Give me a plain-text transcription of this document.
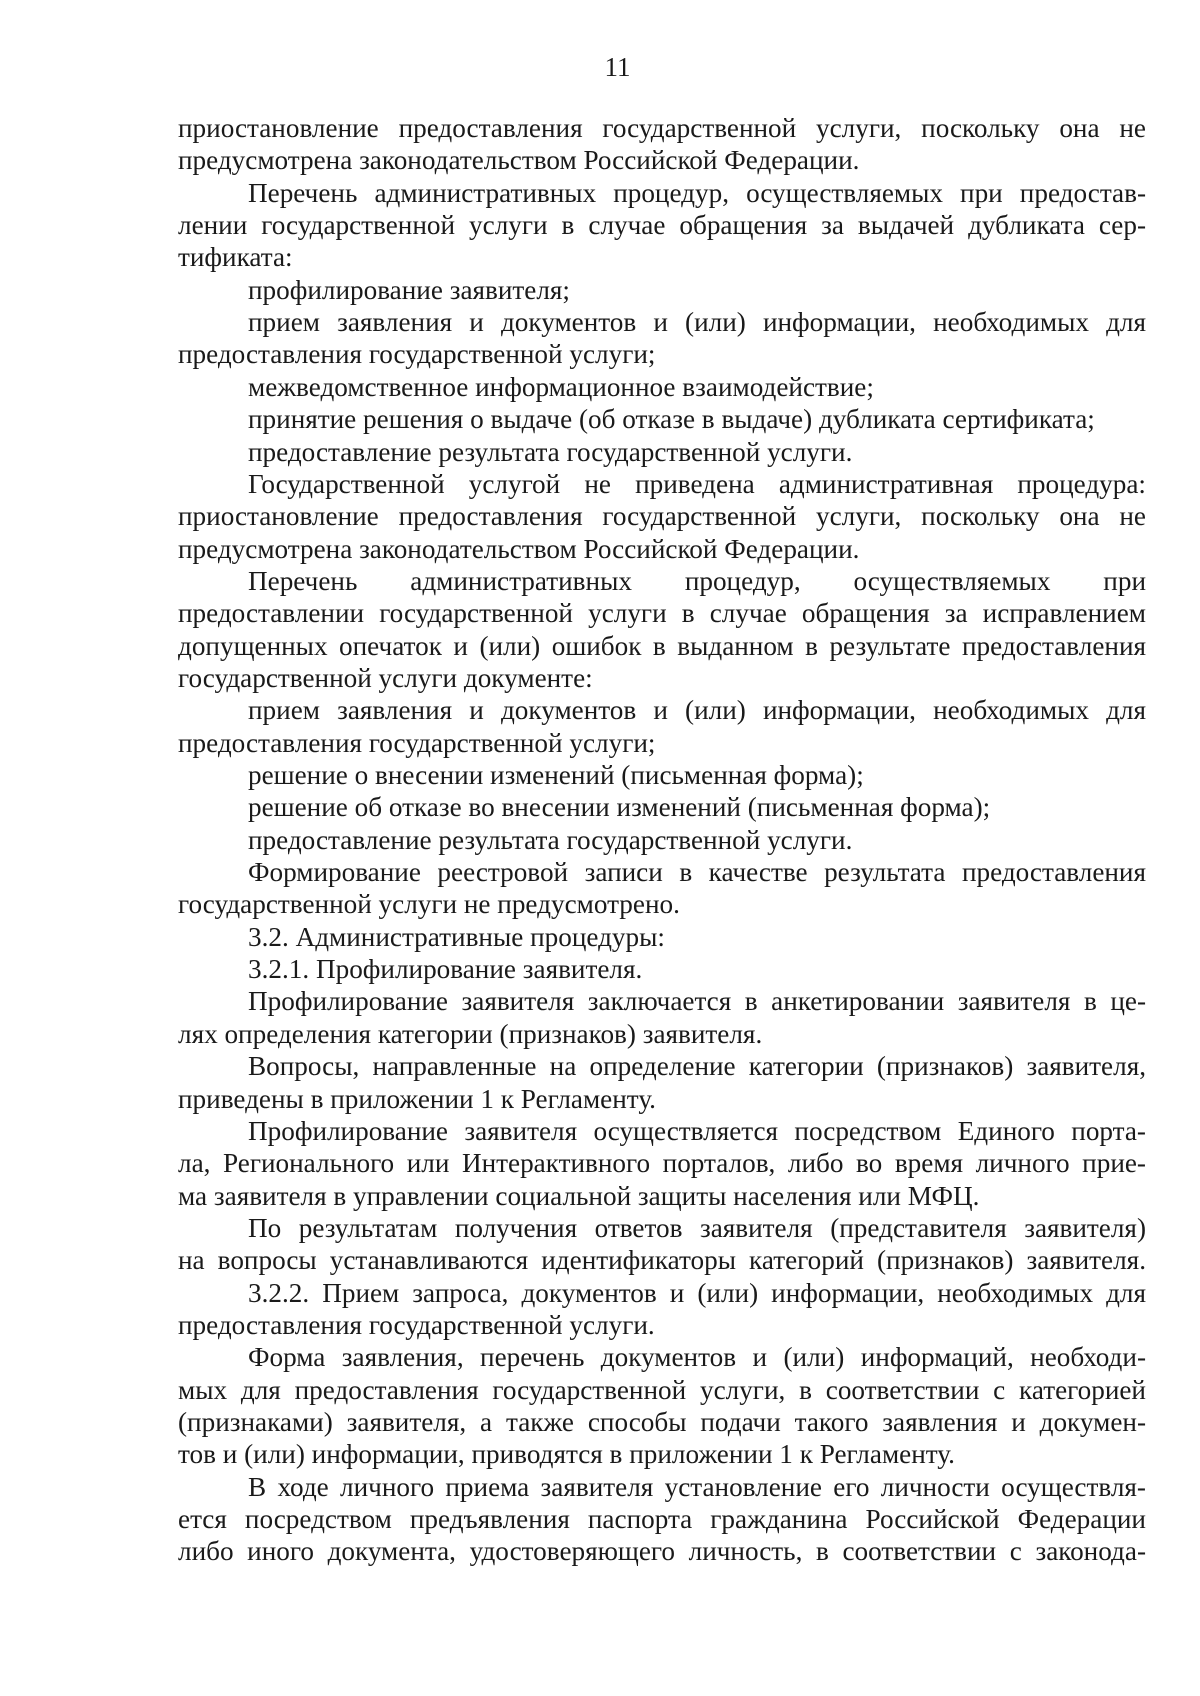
11
приостановление предоставления государственной услуги, поскольку она не
предусмотрена законодательством Российской Федерации.
Перечень административных процедур, осуществляемых при предостав-
лении государственной услуги в случае обращения за выдачей дубликата сер-
тификата:
профилирование заявителя;
прием заявления и документов и (или) информации, необходимых для
предоставления государственной услуги;
межведомственное информационное взаимодействие;
принятие решения о выдаче (об отказе в выдаче) дубликата сертификата;
предоставление результата государственной услуги.
Государственной услугой не приведена административная процедура:
приостановление предоставления государственной услуги, поскольку она не
предусмотрена законодательством Российской Федерации.
Перечень административных процедур, осуществляемых при
предоставлении государственной услуги в случае обращения за исправлением
допущенных опечаток и (или) ошибок в выданном в результате предоставления
государственной услуги документе:
прием заявления и документов и (или) информации, необходимых для
предоставления государственной услуги;
решение о внесении изменений (письменная форма);
решение об отказе во внесении изменений (письменная форма);
предоставление результата государственной услуги.
Формирование реестровой записи в качестве результата предоставления
государственной услуги не предусмотрено.
3.2. Административные процедуры:
3.2.1. Профилирование заявителя.
Профилирование заявителя заключается в анкетировании заявителя в це-
лях определения категории (признаков) заявителя.
Вопросы, направленные на определение категории (признаков) заявителя,
приведены в приложении 1 к Регламенту.
Профилирование заявителя осуществляется посредством Единого порта-
ла, Регионального или Интерактивного порталов, либо во время личного прие-
ма заявителя в управлении социальной защиты населения или МФЦ.
По результатам получения ответов заявителя (представителя заявителя)
на вопросы устанавливаются идентификаторы категорий (признаков) заявителя.
3.2.2. Прием запроса, документов и (или) информации, необходимых для
предоставления государственной услуги.
Форма заявления, перечень документов и (или) информаций, необходи-
мых для предоставления государственной услуги, в соответствии с категорией
(признаками) заявителя, а также способы подачи такого заявления и докумен-
тов и (или) информации, приводятся в приложении 1 к Регламенту.
В ходе личного приема заявителя установление его личности осуществля-
ется посредством предъявления паспорта гражданина Российской Федерации
либо иного документа, удостоверяющего личность, в соответствии с законода-
